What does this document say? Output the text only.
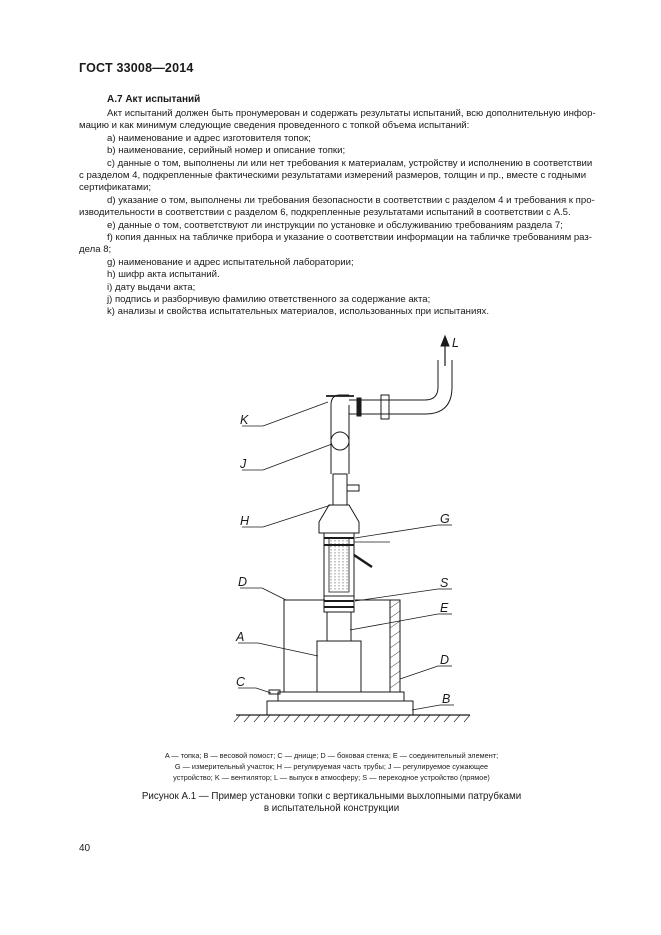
ГОСТ 33008—2014
А.7 Акт испытаний
Акт испытаний должен быть пронумерован и содержать результаты испытаний, всю дополнительную инфор-
мацию и как минимум следующие сведения проведенного с топкой объема испытаний:
а) наименование и адрес изготовителя топок;
b) наименование, серийный номер и описание топки;
c) данные о том, выполнены ли или нет требования к материалам, устройству и исполнению в соответствии
с разделом 4, подкрепленные фактическими результатами измерений размеров, толщин и пр., вместе с годными
сертификатами;
d) указание о том, выполнены ли требования безопасности в соответствии с разделом 4 и требования к про-
изводительности в соответствии с разделом 6, подкрепленные результатами испытаний в соответствии с А.5.
e) данные о том, соответствуют ли инструкции по установке и обслуживанию требованиям раздела 7;
f) копия данных на табличке прибора и указание о соответствии информации на табличке требованиям раз-
дела 8;
g) наименование и адрес испытательной лаборатории;
h) шифр акта испытаний.
i) дату выдачи акта;
j) подпись и разборчивую фамилию ответственного за содержание акта;
k) анализы и свойства испытательных материалов, использованных при испытаниях.
L
K
J
H	G
D	S
E
A
D
C
B
A — топка; B — весовой помост; C — днище; D — боковая стенка; E — соединительный элемент;
G — измерительный участок; H — регулируемая часть трубы; J — регулируемое сужающее
устройство; K — вентилятор; L — выпуск в атмосферу; S — переходное устройство (прямое)
Рисунок А.1 — Пример установки топки с вертикальными выхлопными патрубками
в испытательной конструкции
40
